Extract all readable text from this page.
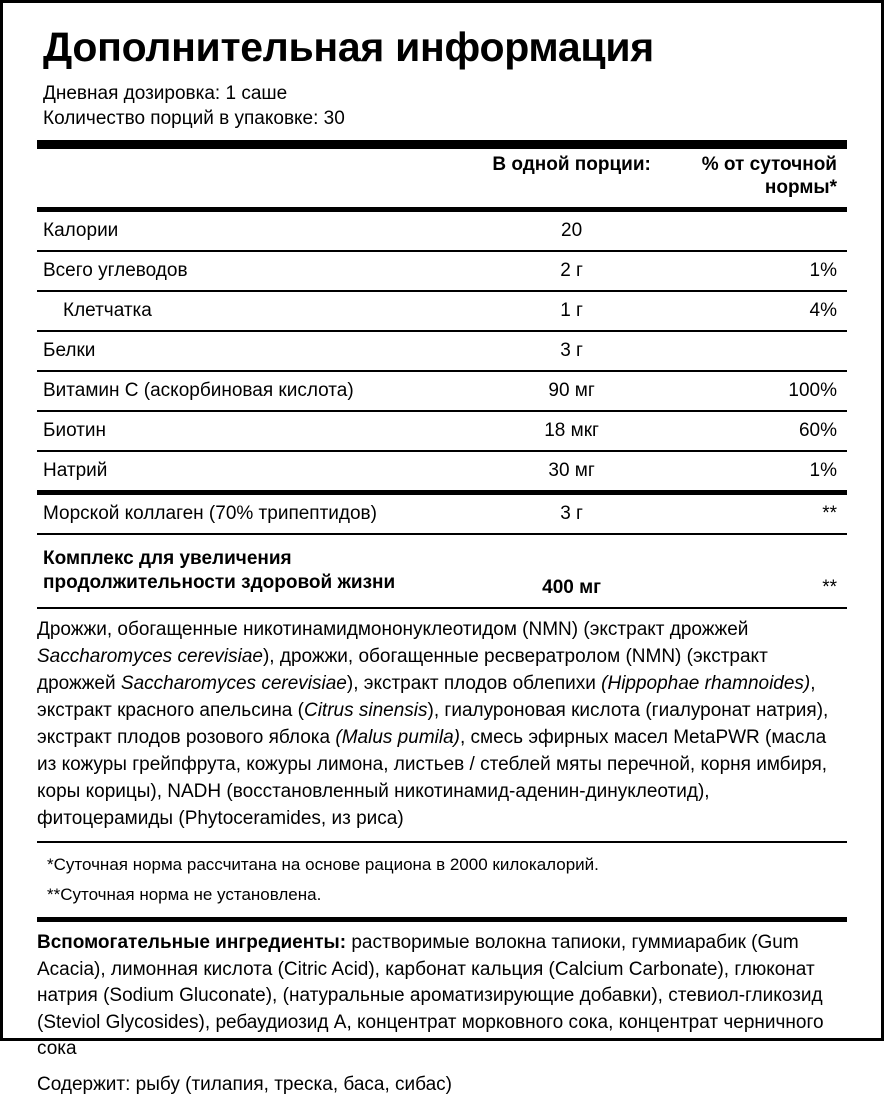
Дополнительная информация
Дневная дозировка: 1 саше
Количество порций в упаковке: 30
	В одной порции:	% от суточной нормы*

Калории	20	

Всего углеводов	2 г	1%

Клетчатка	1 г	4%

Белки	3 г	

Витамин С (аскорбиновая кислота)	90 мг	100%

Биотин	18 мкг	60%

Натрий	30 мг	1%

Морской коллаген (70% трипептидов)	3 г	**

Комплекс для увеличения продолжительности здоровой жизни	400 мг	**

Дрожжи, обогащенные никотинамидмононуклеотидом (NMN) (экстракт дрожжей Saccharomyces cerevisiae), дрожжи, обогащенные ресвератролом (NMN) (экстракт дрожжей Saccharomyces cerevisiae), экстракт плодов облепихи (Hippophae rhamnoides), экстракт красного апельсина (Citrus sinensis), гиалуроновая кислота (гиалуронат натрия), экстракт плодов розового яблока (Malus pumila), смесь эфирных масел MetaPWR (масла из кожуры грейпфрута, кожуры лимона, листьев / стеблей мяты перечной, корня имбиря, коры корицы), NADH (восстановленный никотинамид-аденин-динуклеотид), фитоцерамиды (Phytoceramides, из риса)		

*Суточная норма рассчитана на основе рациона в 2000 килокалорий.
**Суточная норма не установлена.
Вспомогательные ингредиенты: растворимые волокна тапиоки, гуммиарабик (Gum Acacia), лимонная кислота (Citric Acid), карбонат кальция (Calcium Carbonate), глюконат натрия (Sodium Gluconate), (натуральные ароматизирующие добавки), стевиол-гликозид (Steviol Glycosides), ребаудиозид А, концентрат морковного сока, концентрат черничного сока
Содержит: рыбу (тилапия, треска, баса, сибас)
